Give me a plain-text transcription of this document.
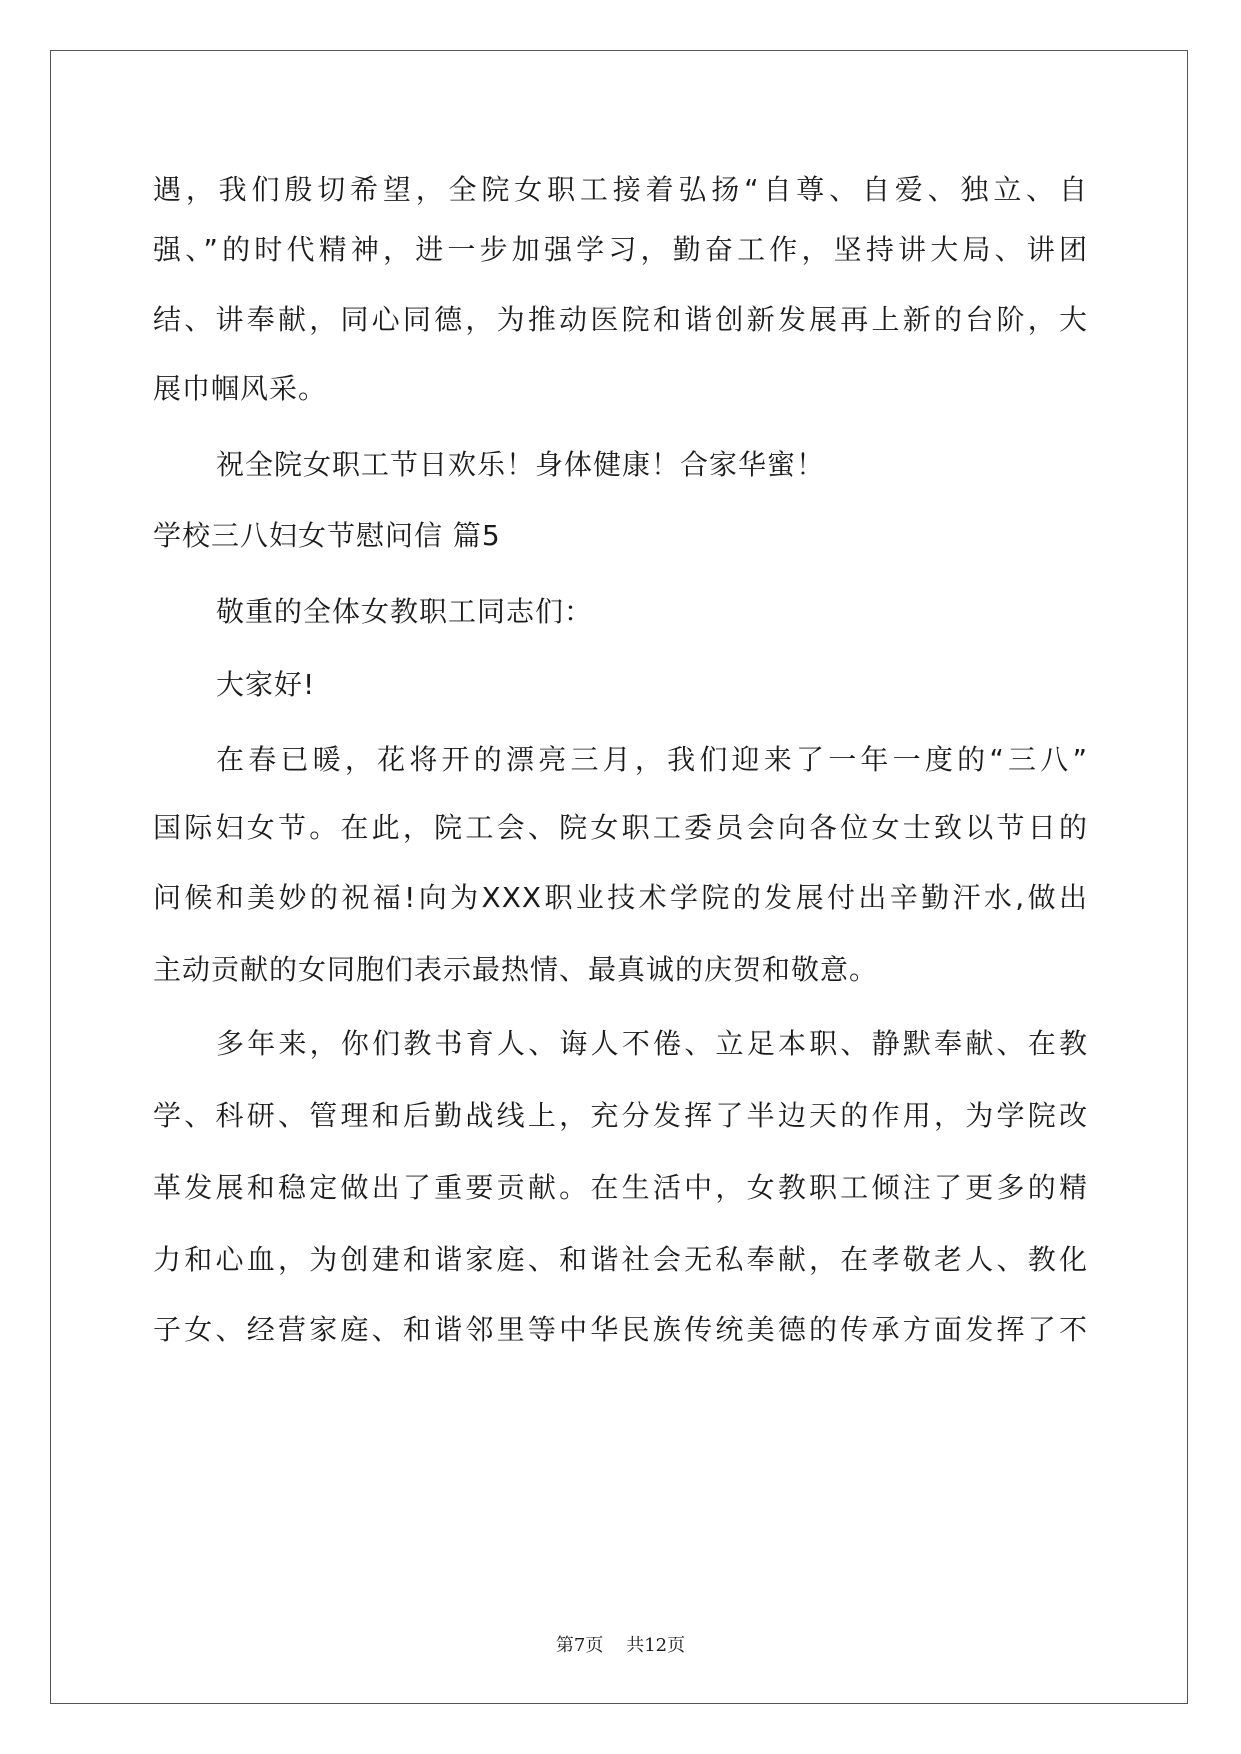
遇，我们殷切希望，全院女职工接着弘扬“自尊、自爱、独立、自
强、”的时代精神，进一步加强学习，勤奋工作，坚持讲大局、讲团
结、讲奉献，同心同德，为推动医院和谐创新发展再上新的台阶，大
展巾帼风采。
祝全院女职工节日欢乐！身体健康！合家华蜜！
学校三八妇女节慰问信 篇5
敬重的全体女教职工同志们：
大家好!
在春已暖，花将开的漂亮三月，我们迎来了一年一度的“三八”
国际妇女节。在此，院工会、院女职工委员会向各位女士致以节日的
问候和美妙的祝福!向为XXX职业技术学院的发展付出辛勤汗水,做出
主动贡献的女同胞们表示最热情、最真诚的庆贺和敬意。
多年来，你们教书育人、诲人不倦、立足本职、静默奉献、在教
学、科研、管理和后勤战线上，充分发挥了半边天的作用，为学院改
革发展和稳定做出了重要贡献。在生活中，女教职工倾注了更多的精
力和心血，为创建和谐家庭、和谐社会无私奉献，在孝敬老人、教化
子女、经营家庭、和谐邻里等中华民族传统美德的传承方面发挥了不
第7页    共12页
